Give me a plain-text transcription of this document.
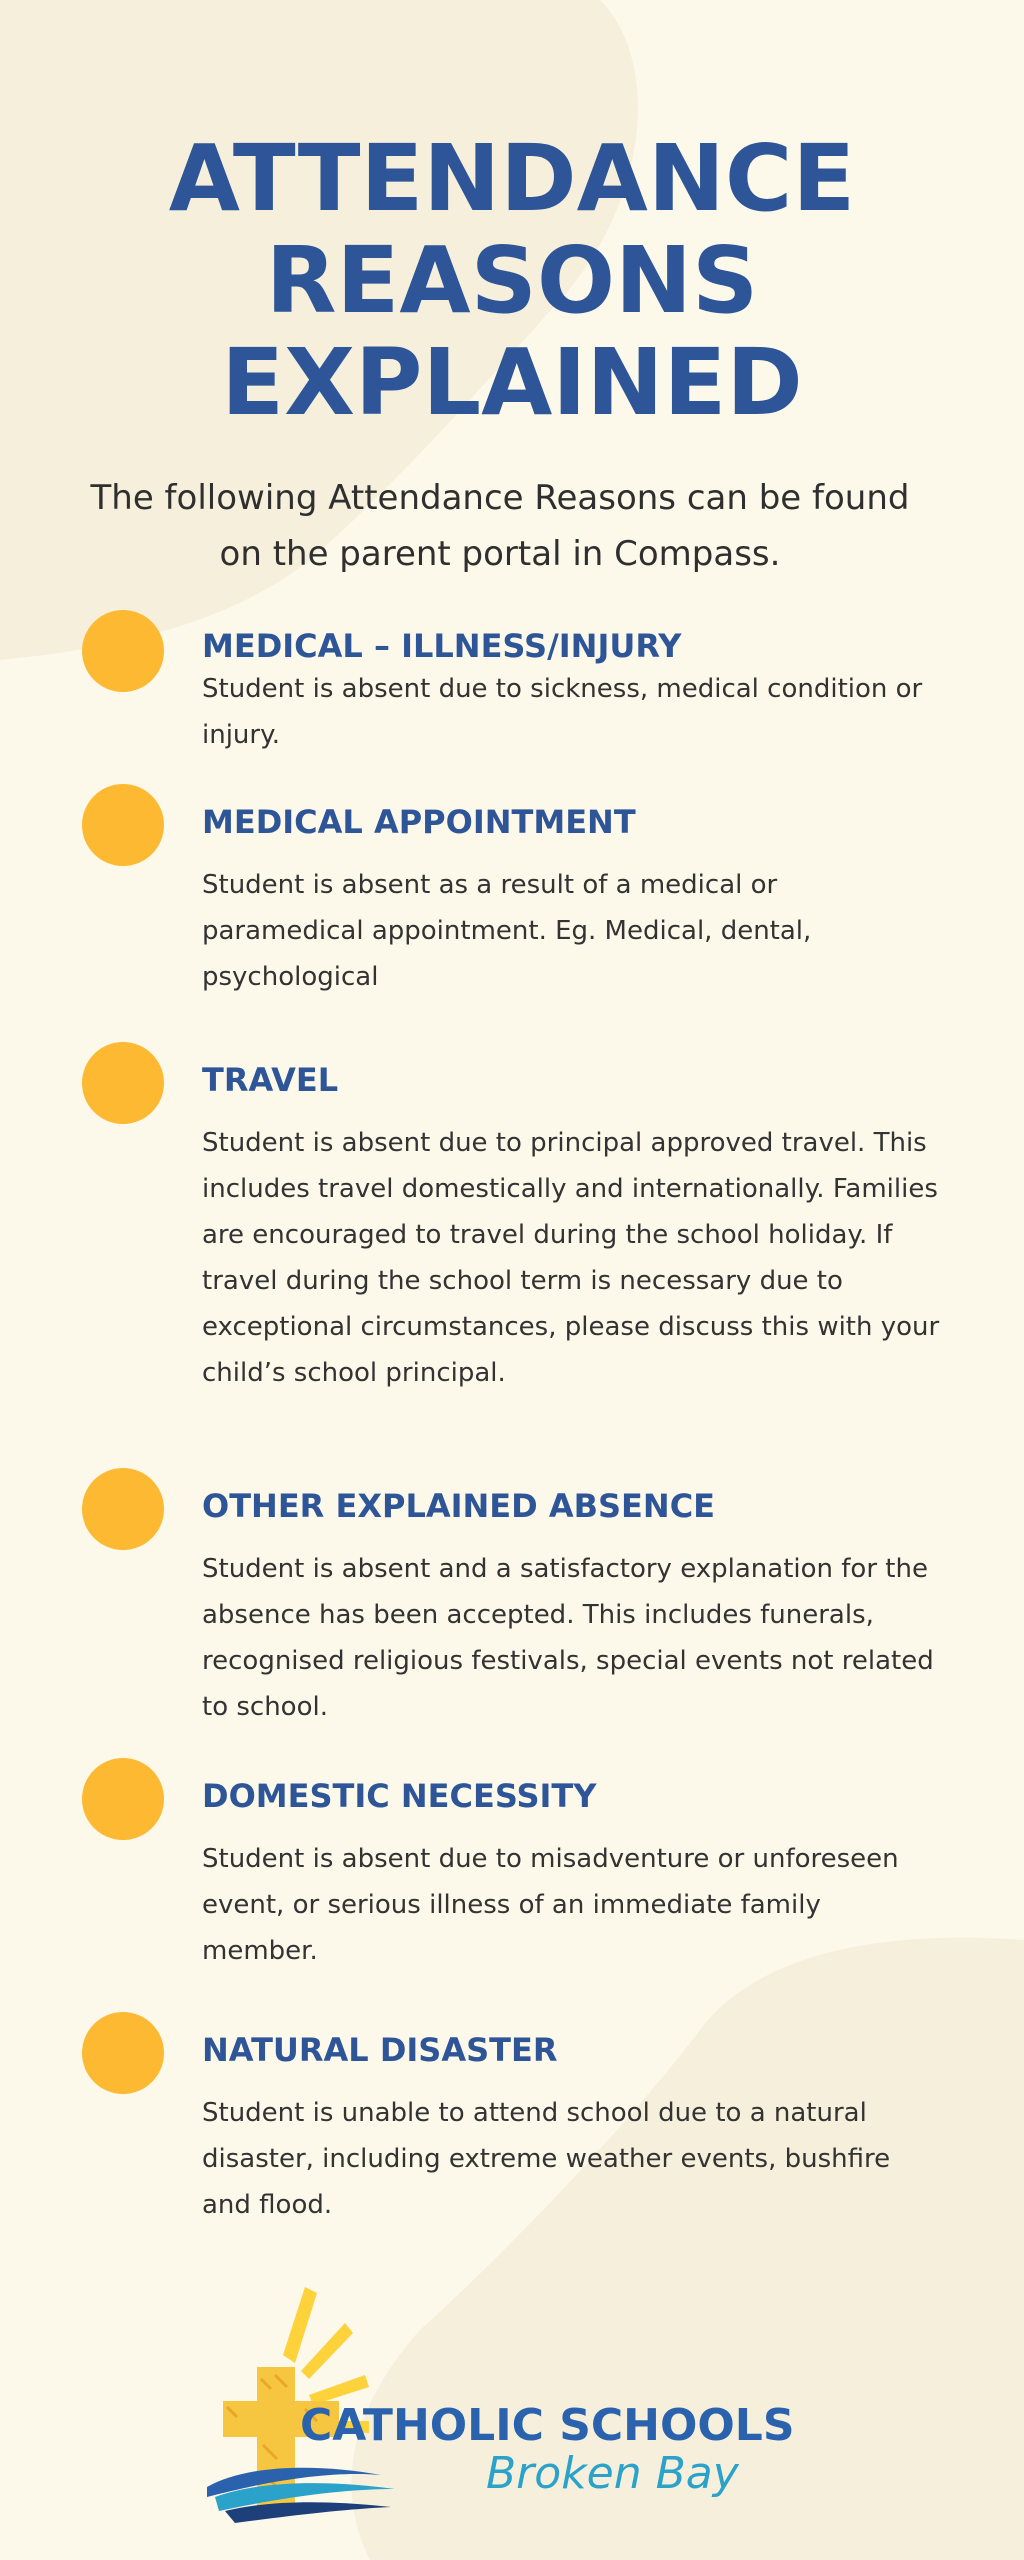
ATTENDANCE
REASONS
EXPLAINED

The following Attendance Reasons can be found on the parent portal in Compass.

MEDICAL – ILLNESS/INJURY

Student is absent due to sickness, medical condition or injury.

MEDICAL APPOINTMENT

Student is absent as a result of a medical or paramedical appointment. Eg. Medical, dental, psychological

TRAVEL

Student is absent due to principal approved travel. This includes travel domestically and internationally. Families are encouraged to travel during the school holiday. If travel during the school term is necessary due to exceptional circumstances, please discuss this with your child’s school principal.

OTHER EXPLAINED ABSENCE

Student is absent and a satisfactory explanation for the absence has been accepted. This includes funerals, recognised religious festivals, special events not related to school.

DOMESTIC NECESSITY

Student is absent due to misadventure or unforeseen event, or serious illness of an immediate family member.

NATURAL DISASTER

Student is unable to attend school due to a natural disaster, including extreme weather events, bushfire and flood.

CATHOLIC SCHOOLS
Broken Bay
